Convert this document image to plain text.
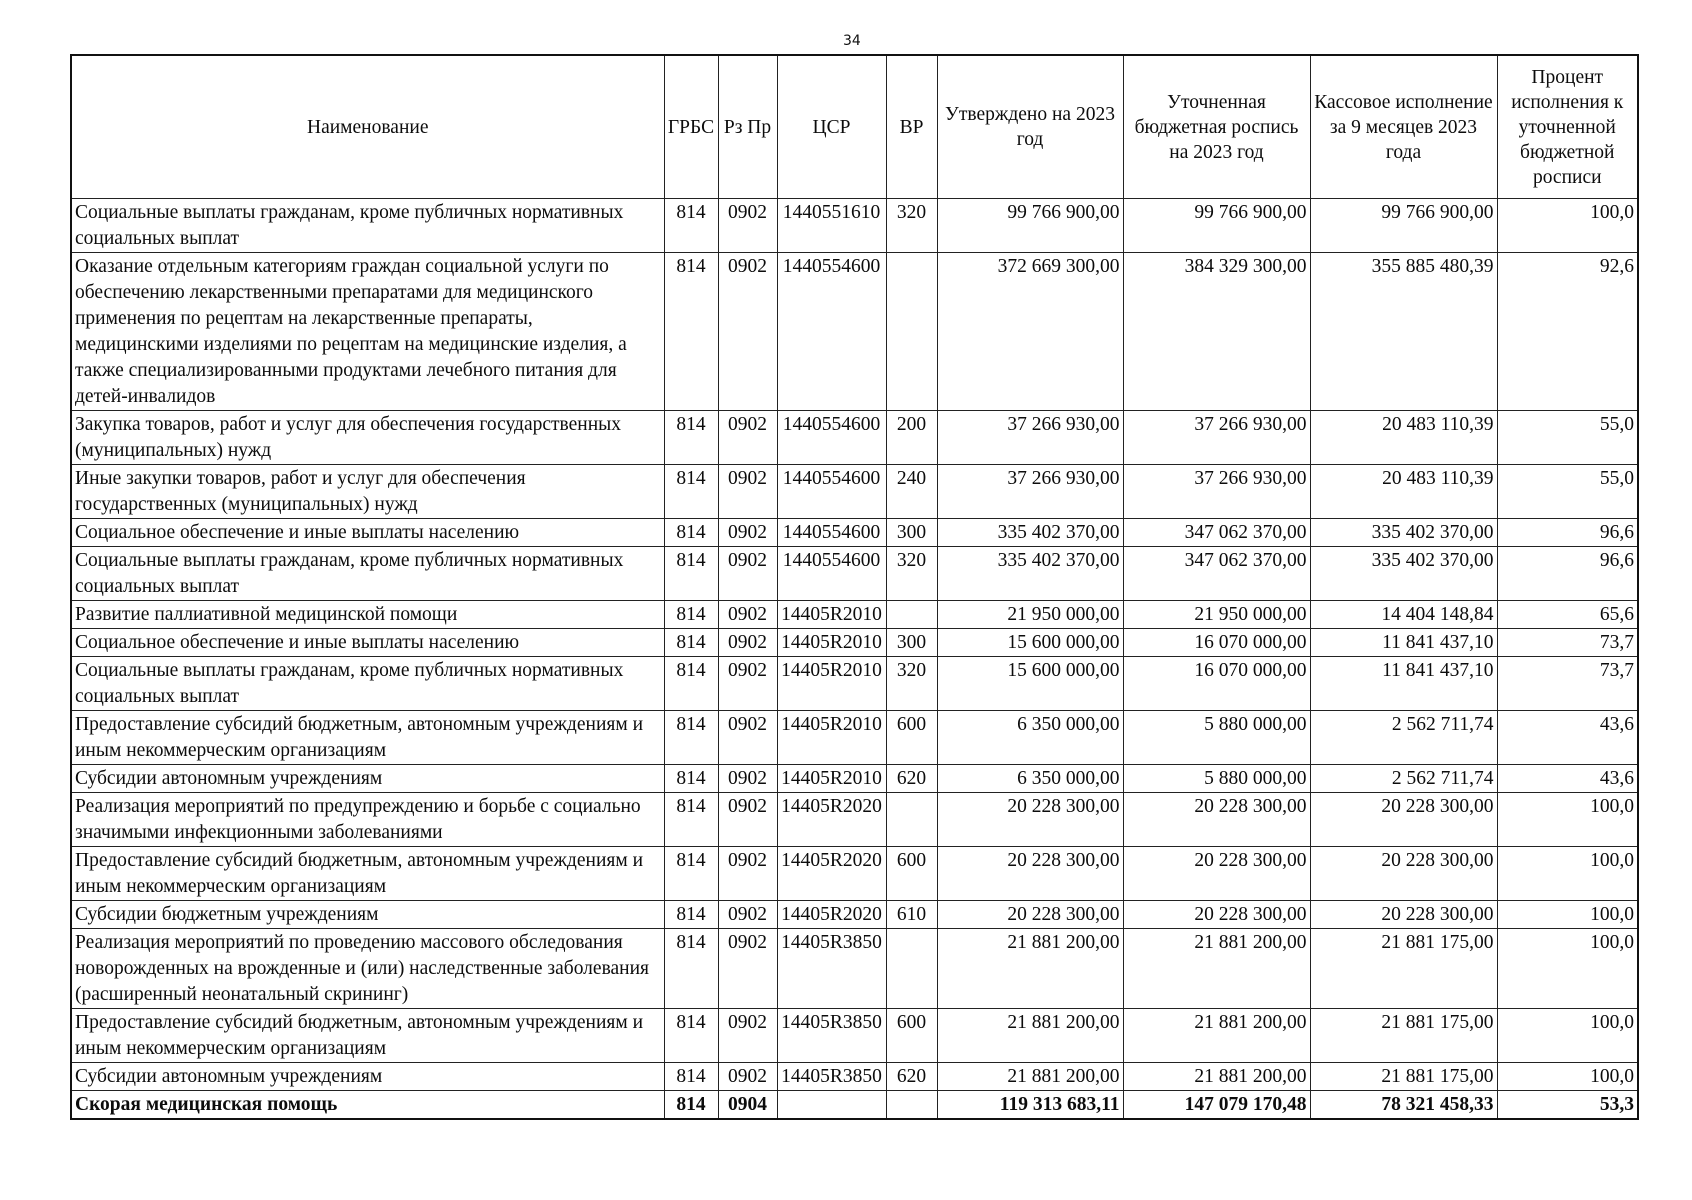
34
Наименование	ГРБС	Рз Пр	ЦСР	ВР	Утверждено на 2023 год	Уточненная бюджетная роспись на 2023 год	Кассовое исполнение за 9 месяцев 2023 года	Процент исполнения к уточненной бюджетной росписи
Социальные выплаты гражданам, кроме публичных нормативных социальных выплат	814	0902	1440551610	320	99 766 900,00	99 766 900,00	99 766 900,00	100,0
Оказание отдельным категориям граждан социальной услуги по обеспечению лекарственными препаратами для медицинского применения по рецептам на лекарственные препараты, медицинскими изделиями по рецептам на медицинские изделия, а также специализированными продуктами лечебного питания для детей-инвалидов	814	0902	1440554600		372 669 300,00	384 329 300,00	355 885 480,39	92,6
Закупка товаров, работ и услуг для обеспечения государственных (муниципальных) нужд	814	0902	1440554600	200	37 266 930,00	37 266 930,00	20 483 110,39	55,0
Иные закупки товаров, работ и услуг для обеспечения государственных (муниципальных) нужд	814	0902	1440554600	240	37 266 930,00	37 266 930,00	20 483 110,39	55,0
Социальное обеспечение и иные выплаты населению	814	0902	1440554600	300	335 402 370,00	347 062 370,00	335 402 370,00	96,6
Социальные выплаты гражданам, кроме публичных нормативных социальных выплат	814	0902	1440554600	320	335 402 370,00	347 062 370,00	335 402 370,00	96,6
Развитие паллиативной медицинской помощи	814	0902	14405R2010		21 950 000,00	21 950 000,00	14 404 148,84	65,6
Социальное обеспечение и иные выплаты населению	814	0902	14405R2010	300	15 600 000,00	16 070 000,00	11 841 437,10	73,7
Социальные выплаты гражданам, кроме публичных нормативных социальных выплат	814	0902	14405R2010	320	15 600 000,00	16 070 000,00	11 841 437,10	73,7
Предоставление субсидий бюджетным, автономным учреждениям и иным некоммерческим организациям	814	0902	14405R2010	600	6 350 000,00	5 880 000,00	2 562 711,74	43,6
Субсидии автономным учреждениям	814	0902	14405R2010	620	6 350 000,00	5 880 000,00	2 562 711,74	43,6
Реализация мероприятий по предупреждению и борьбе с социально значимыми инфекционными заболеваниями	814	0902	14405R2020		20 228 300,00	20 228 300,00	20 228 300,00	100,0
Предоставление субсидий бюджетным, автономным учреждениям и иным некоммерческим организациям	814	0902	14405R2020	600	20 228 300,00	20 228 300,00	20 228 300,00	100,0
Субсидии бюджетным учреждениям	814	0902	14405R2020	610	20 228 300,00	20 228 300,00	20 228 300,00	100,0
Реализация мероприятий по проведению массового обследования новорожденных на врожденные и (или) наследственные заболевания (расширенный неонатальный скрининг)	814	0902	14405R3850		21 881 200,00	21 881 200,00	21 881 175,00	100,0
Предоставление субсидий бюджетным, автономным учреждениям и иным некоммерческим организациям	814	0902	14405R3850	600	21 881 200,00	21 881 200,00	21 881 175,00	100,0
Субсидии автономным учреждениям	814	0902	14405R3850	620	21 881 200,00	21 881 200,00	21 881 175,00	100,0
Скорая медицинская помощь	814	0904			119 313 683,11	147 079 170,48	78 321 458,33	53,3
